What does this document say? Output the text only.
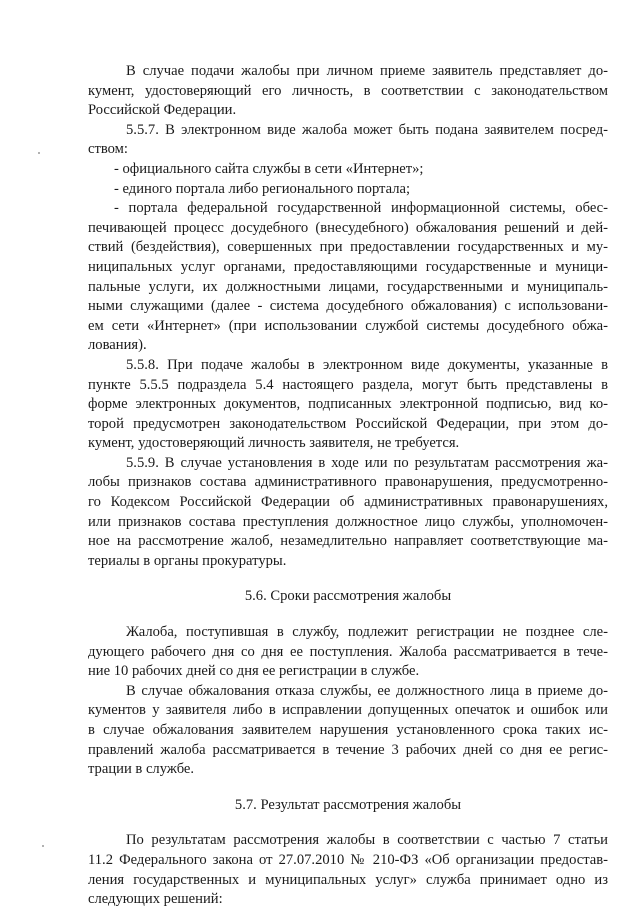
В случае подачи жалобы при личном приеме заявитель представляет до-
кумент, удостоверяющий его личность, в соответствии с законодательством
Российской Федерации.
5.5.7. В электронном виде жалоба может быть подана заявителем посред-
ством:
- официального сайта службы в сети «Интернет»;
- единого портала либо регионального портала;
- портала федеральной государственной информационной системы, обес-
печивающей процесс досудебного (внесудебного) обжалования решений и дей-
ствий (бездействия), совершенных при предоставлении государственных и му-
ниципальных услуг органами, предоставляющими государственные и муници-
пальные услуги, их должностными лицами, государственными и муниципаль-
ными служащими (далее - система досудебного обжалования) с использовани-
ем сети «Интернет» (при использовании службой системы досудебного обжа-
лования).
5.5.8. При подаче жалобы в электронном виде документы, указанные в
пункте 5.5.5 подраздела 5.4 настоящего раздела, могут быть представлены в
форме электронных документов, подписанных электронной подписью, вид ко-
торой предусмотрен законодательством Российской Федерации, при этом до-
кумент, удостоверяющий личность заявителя, не требуется.
5.5.9. В случае установления в ходе или по результатам рассмотрения жа-
лобы признаков состава административного правонарушения, предусмотренно-
го Кодексом Российской Федерации об административных правонарушениях,
или признаков состава преступления должностное лицо службы, уполномочен-
ное на рассмотрение жалоб, незамедлительно направляет соответствующие ма-
териалы в органы прокуратуры.
5.6. Сроки рассмотрения жалобы
Жалоба, поступившая в службу, подлежит регистрации не позднее сле-
дующего рабочего дня со дня ее поступления. Жалоба рассматривается в тече-
ние 10 рабочих дней со дня ее регистрации в службе.
В случае обжалования отказа службы, ее должностного лица в приеме до-
кументов у заявителя либо в исправлении допущенных опечаток и ошибок или
в случае обжалования заявителем нарушения установленного срока таких ис-
правлений жалоба рассматривается в течение 3 рабочих дней со дня ее регис-
трации в службе.
5.7. Результат рассмотрения жалобы
По результатам рассмотрения жалобы в соответствии с частью 7 статьи
11.2 Федерального закона от 27.07.2010 № 210-ФЗ «Об организации предостав-
ления государственных и муниципальных услуг» служба принимает одно из
следующих решений:
